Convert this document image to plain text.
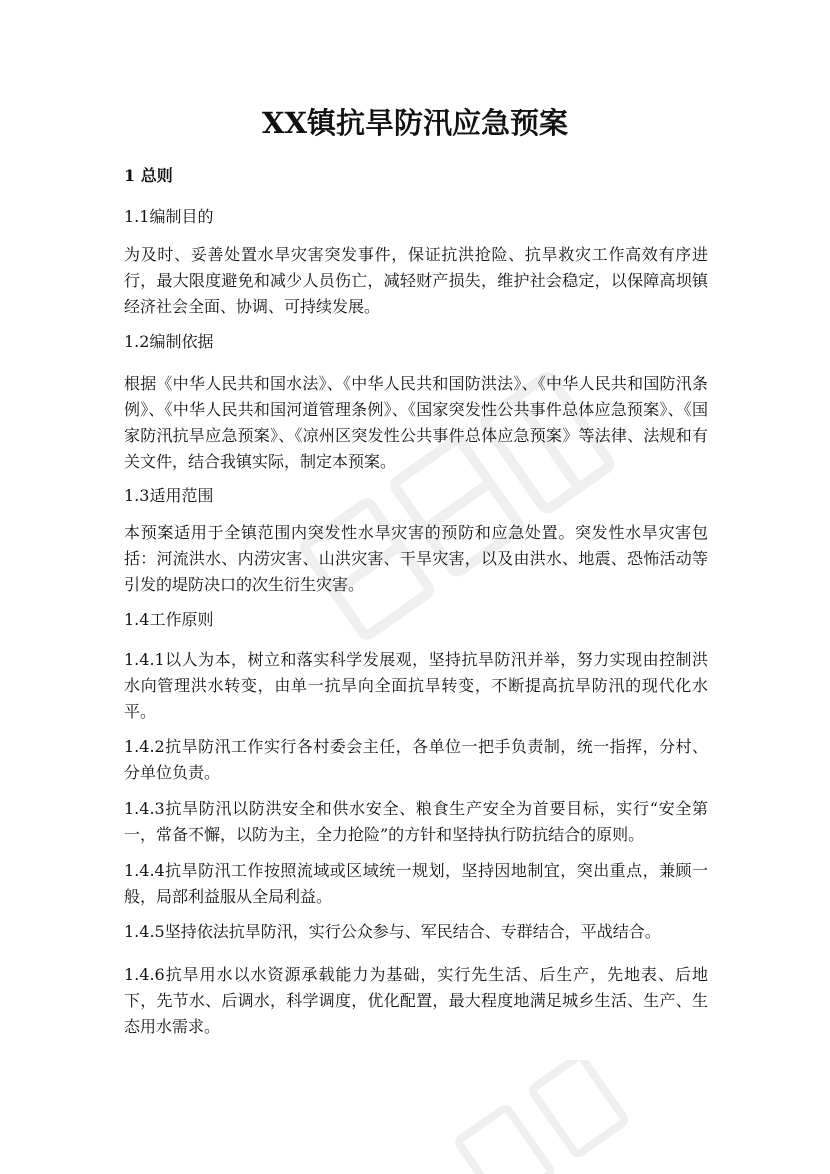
XX镇抗旱防汛应急预案

1 总则

1.1编制目的

为及时、妥善处置水旱灾害突发事件，保证抗洪抢险、抗旱救灾工作高效有序进行，最大限度避免和减少人员伤亡，减轻财产损失，维护社会稳定，以保障高坝镇经济社会全面、协调、可持续发展。

1.2编制依据

根据《中华人民共和国水法》、《中华人民共和国防洪法》、《中华人民共和国防汛条例》、《中华人民共和国河道管理条例》、《国家突发性公共事件总体应急预案》、《国家防汛抗旱应急预案》、《凉州区突发性公共事件总体应急预案》等法律、法规和有关文件，结合我镇实际，制定本预案。

1.3适用范围

本预案适用于全镇范围内突发性水旱灾害的预防和应急处置。突发性水旱灾害包括：河流洪水、内涝灾害、山洪灾害、干旱灾害，以及由洪水、地震、恐怖活动等引发的堤防决口的次生衍生灾害。

1.4工作原则

1.4.1以人为本，树立和落实科学发展观，坚持抗旱防汛并举，努力实现由控制洪水向管理洪水转变，由单一抗旱向全面抗旱转变，不断提高抗旱防汛的现代化水平。

1.4.2抗旱防汛工作实行各村委会主任，各单位一把手负责制，统一指挥，分村、分单位负责。

1.4.3抗旱防汛以防洪安全和供水安全、粮食生产安全为首要目标，实行“安全第一，常备不懈，以防为主，全力抢险”的方针和坚持执行防抗结合的原则。

1.4.4抗旱防汛工作按照流域或区域统一规划，坚持因地制宜，突出重点，兼顾一般，局部利益服从全局利益。

1.4.5坚持依法抗旱防汛，实行公众参与、军民结合、专群结合，平战结合。

1.4.6抗旱用水以水资源承载能力为基础，实行先生活、后生产，先地表、后地下，先节水、后调水，科学调度，优化配置，最大程度地满足城乡生活、生产、生态用水需求。
